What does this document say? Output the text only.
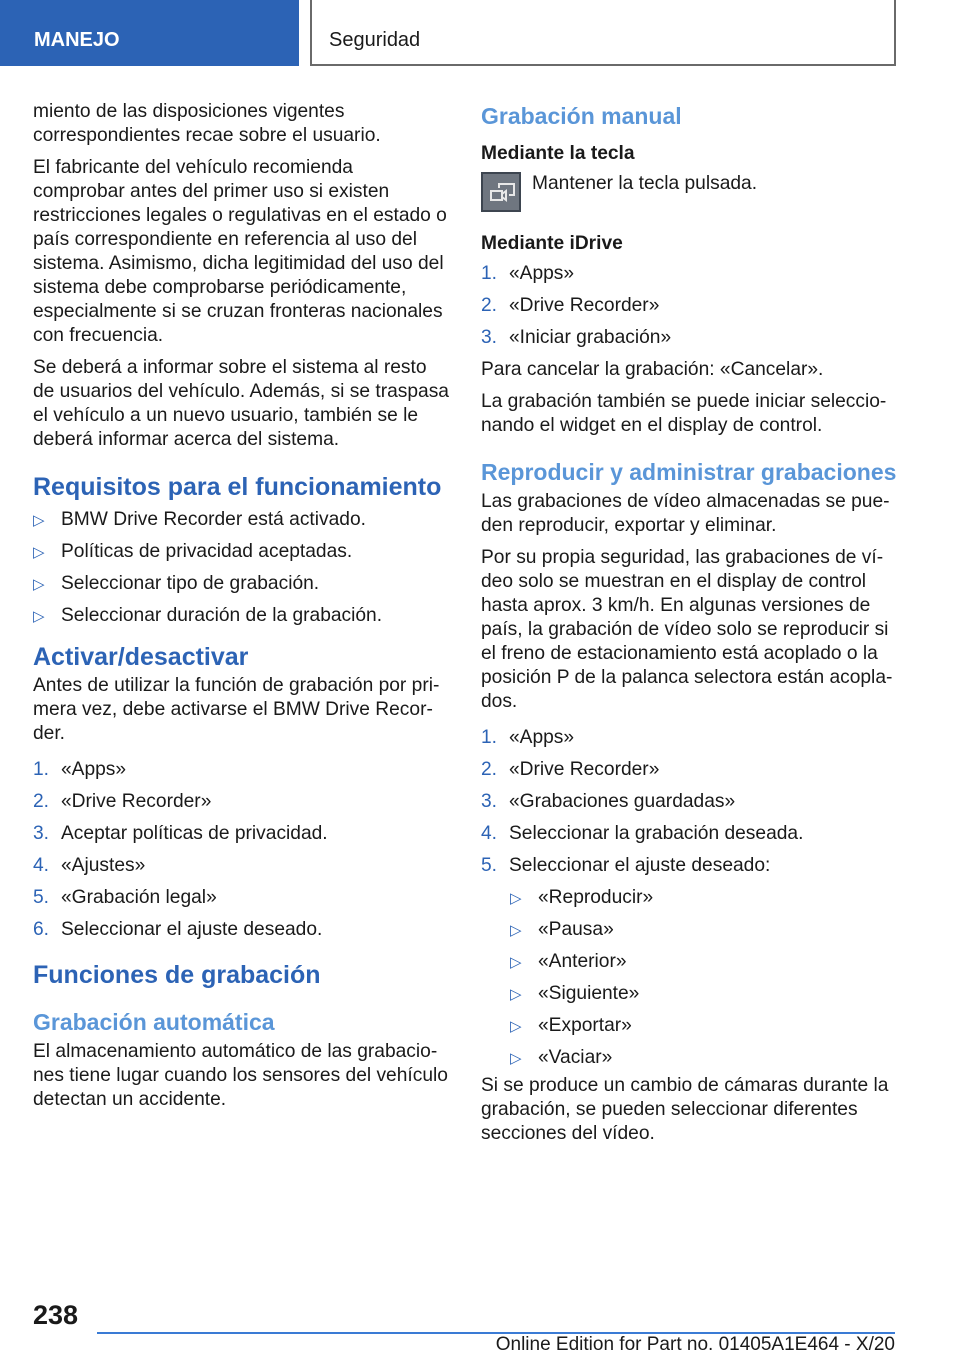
MANEJO	Seguridad

miento de las disposiciones vigentes correspondientes recae sobre el usuario.

El fabricante del vehículo recomienda comprobar antes del primer uso si existen restricciones legales o regulativas en el estado o país correspondiente en referencia al uso del sistema. Asimismo, dicha legitimidad del uso del sistema debe comprobarse periódicamente, especialmente si se cruzan fronteras nacionales con frecuencia.

Se deberá a informar sobre el sistema al resto de usuarios del vehículo. Además, si se traspasa el vehículo a un nuevo usuario, también se le deberá informar acerca del sistema.

Requisitos para el funcionamiento
▷ BMW Drive Recorder está activado.
▷ Políticas de privacidad aceptadas.
▷ Seleccionar tipo de grabación.
▷ Seleccionar duración de la grabación.
Activar/desactivar

Antes de utilizar la función de grabación por primera vez, debe activarse el BMW Drive Recorder.

1. «Apps»
2. «Drive Recorder»
3. Aceptar políticas de privacidad.
4. «Ajustes»
5. «Grabación legal»
6. Seleccionar el ajuste deseado.
Funciones de grabación
Grabación automática

El almacenamiento automático de las grabaciones tiene lugar cuando los sensores del vehículo detectan un accidente.

Grabación manual
Mediante la tecla
Mantener la tecla pulsada.
Mediante iDrive
1. «Apps»
2. «Drive Recorder»
3. «Iniciar grabación»

Para cancelar la grabación: «Cancelar».

La grabación también se puede iniciar seleccionando el widget en el display de control.

Reproducir y administrar grabaciones

Las grabaciones de vídeo almacenadas se pueden reproducir, exportar y eliminar.

Por su propia seguridad, las grabaciones de vídeo solo se muestran en el display de control hasta aprox. 3 km/h. En algunas versiones de país, la grabación de vídeo solo se reproducir si el freno de estacionamiento está acoplado o la posición P de la palanca selectora están acoplados.

1. «Apps»
2. «Drive Recorder»
3. «Grabaciones guardadas»
4. Seleccionar la grabación deseada.
5. Seleccionar el ajuste deseado:
▷ «Reproducir»
▷ «Pausa»
▷ «Anterior»
▷ «Siguiente»
▷ «Exportar»
▷ «Vaciar»

Si se produce un cambio de cámaras durante la grabación, se pueden seleccionar diferentes secciones del vídeo.

238
Online Edition for Part no. 01405A1E464 - X/20
